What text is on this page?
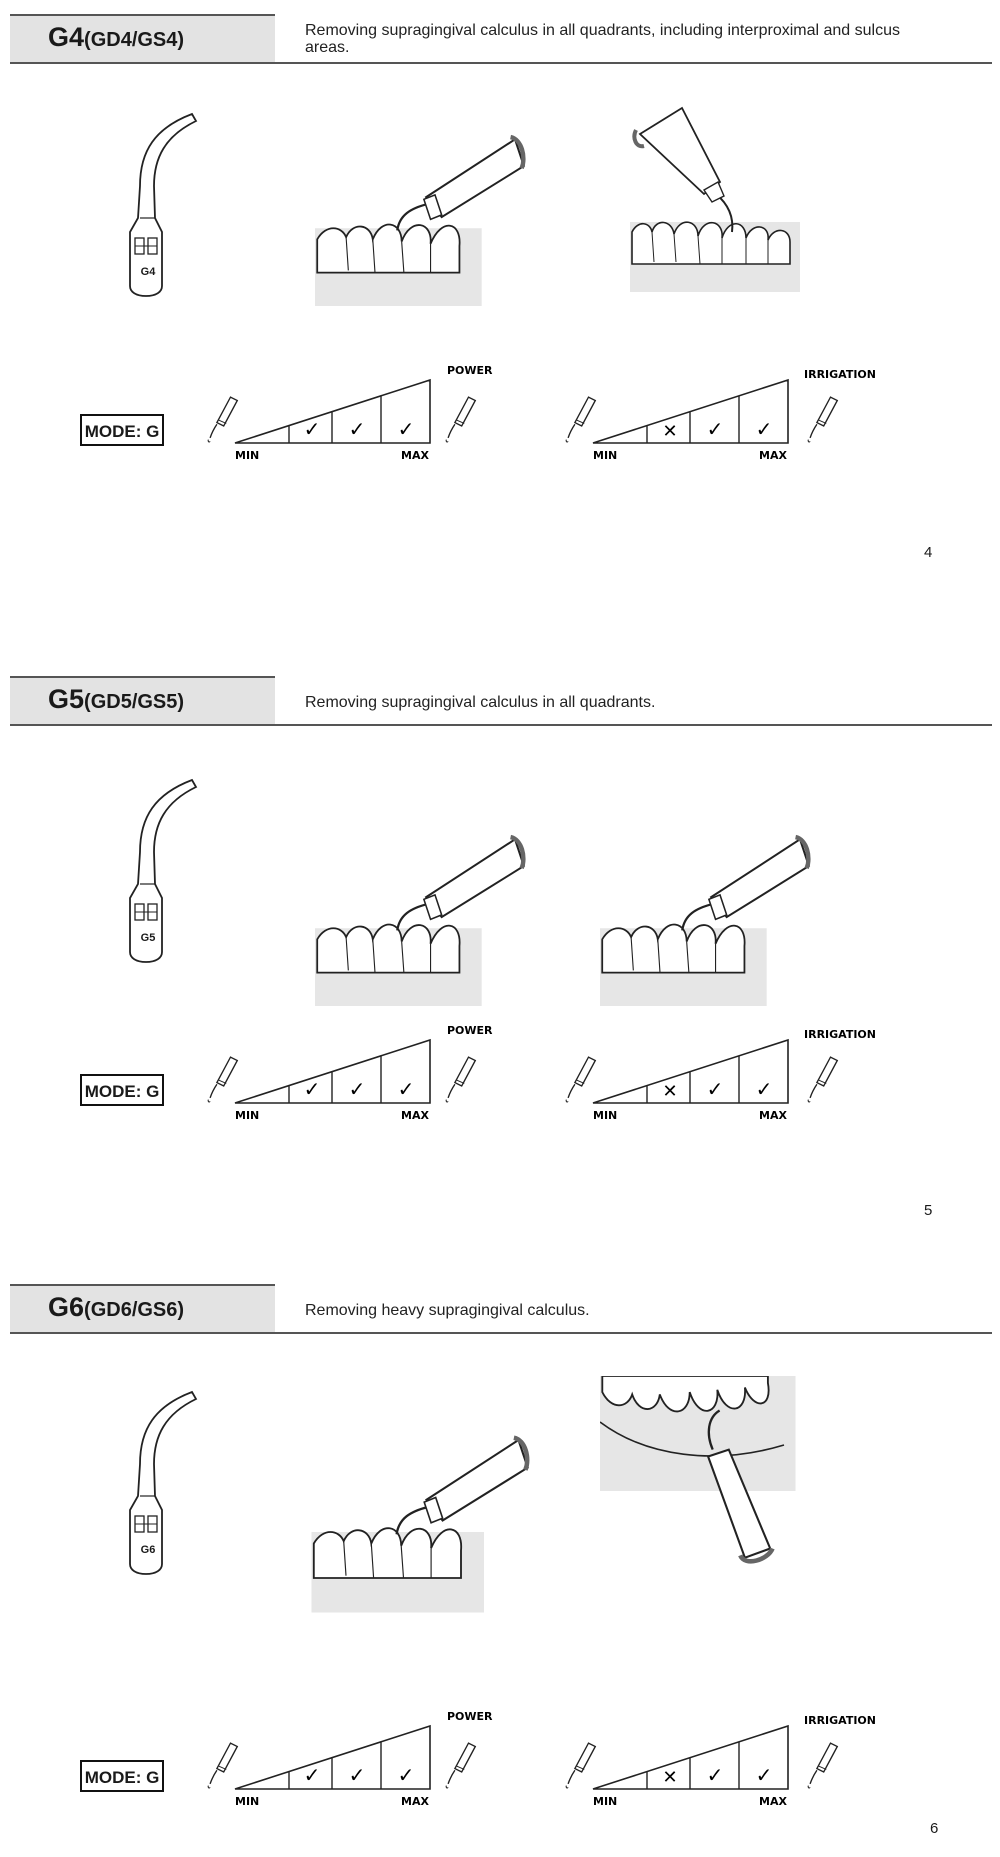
G4(GD4/GS4)	Removing supragingival calculus in all quadrants, including interproximal and sulcus areas.
G4
MODE: G	✓ ✓ ✓
MIN	MAX
POWER
✕ ✓ ✓
MIN	MAX
IRRIGATION
4
G5(GD5/GS5)	Removing supragingival calculus in all quadrants.
G5
MODE: G	✓ ✓ ✓
MIN	MAX
POWER
✕ ✓ ✓
MIN	MAX
IRRIGATION
5
G6(GD6/GS6)	Removing heavy supragingival calculus.
G6
MODE: G	✓ ✓ ✓
MIN	MAX
POWER
✕ ✓ ✓
MIN	MAX
IRRIGATION
6
